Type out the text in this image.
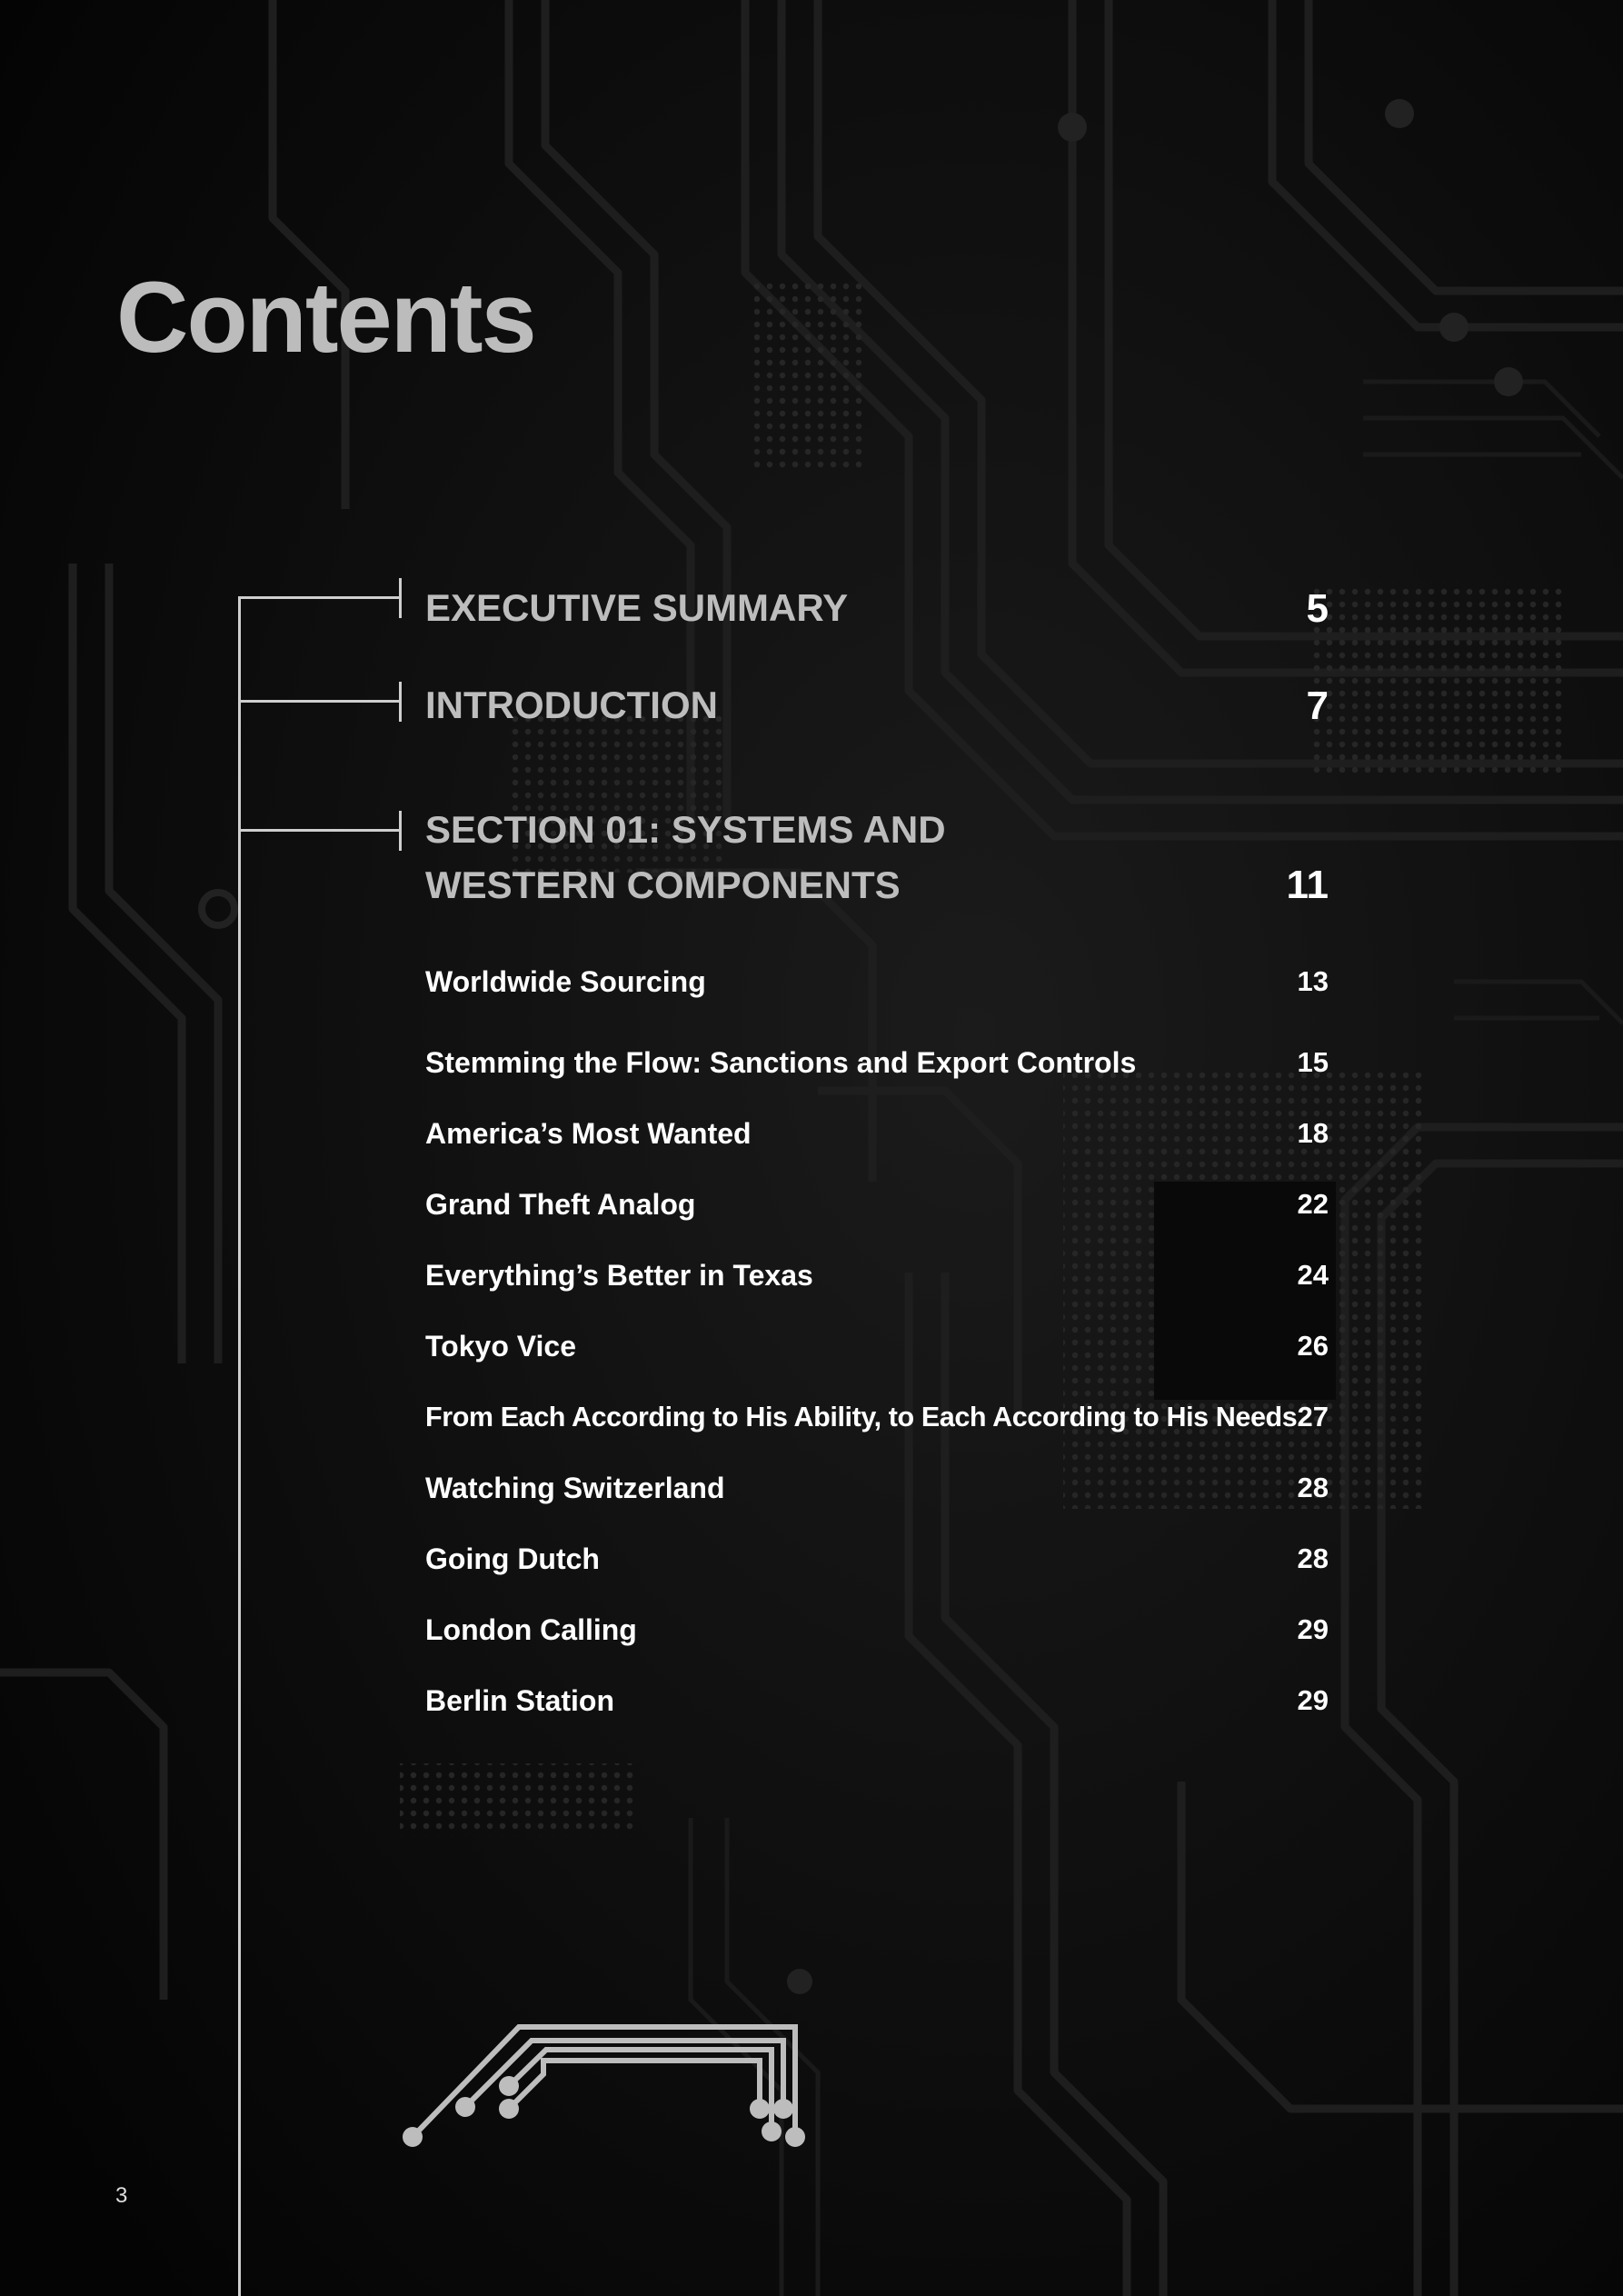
Contents
EXECUTIVE SUMMARY	5
INTRODUCTION	7
SECTION 01: SYSTEMS AND WESTERN COMPONENTS	11
Worldwide Sourcing	13
Stemming the Flow: Sanctions and Export Controls	15
America’s Most Wanted	18
Grand Theft Analog	22
Everything’s Better in Texas	24
Tokyo Vice	26
From Each According to His Ability, to Each According to His Needs 27
Watching Switzerland	28
Going Dutch	28
London Calling	29
Berlin Station	29
3
